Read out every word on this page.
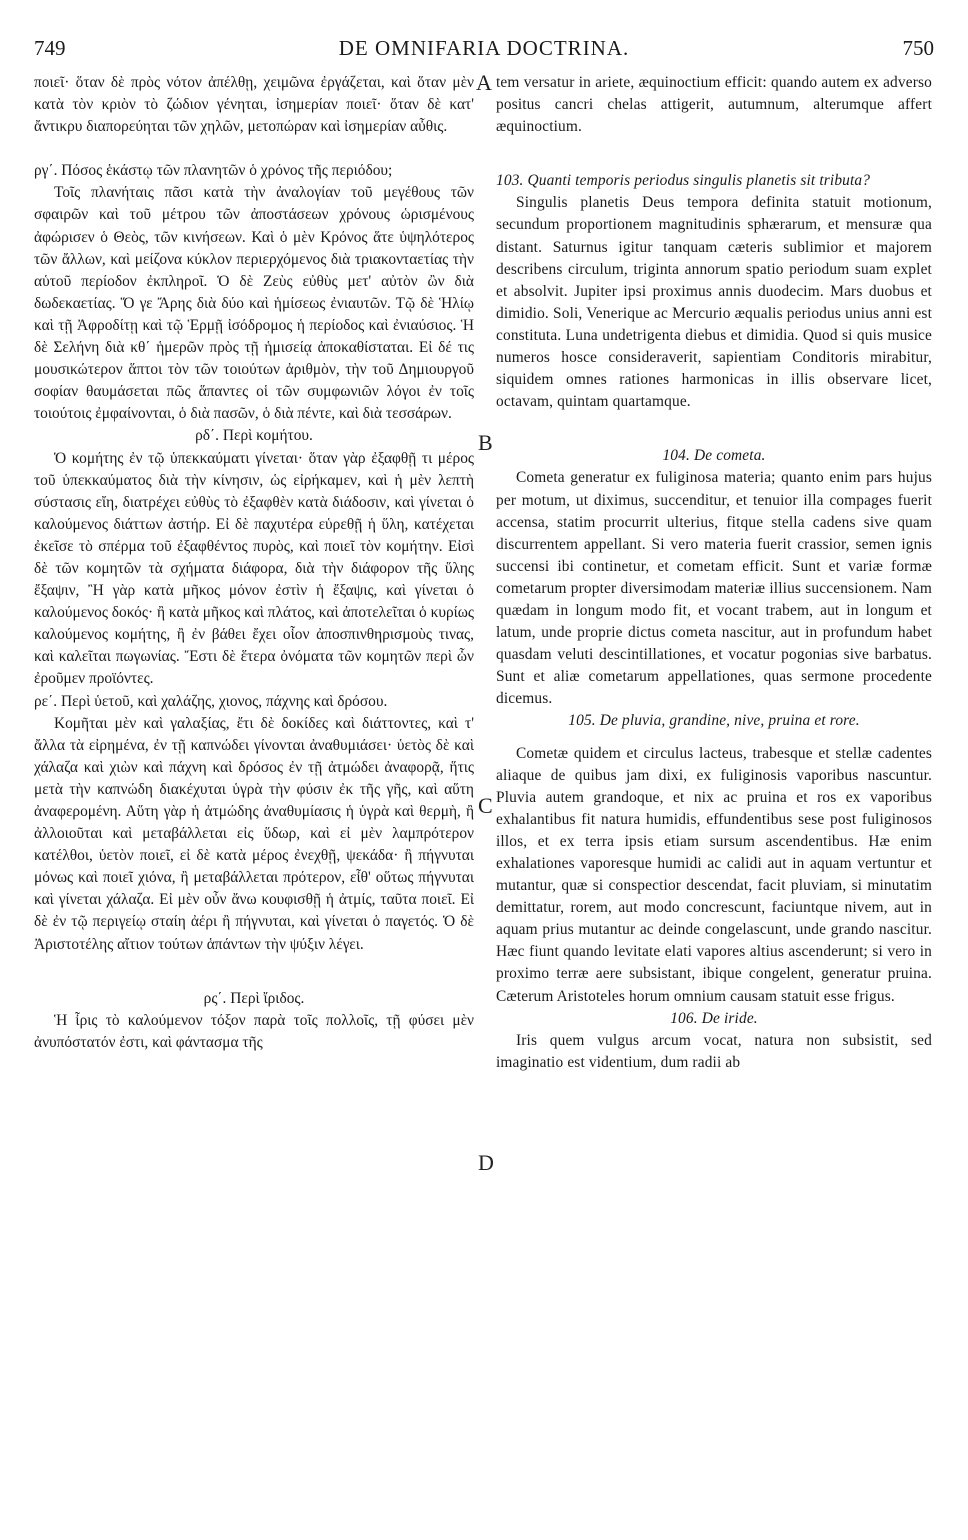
749	DE OMNIFARIA DOCTRINA.	750

ποιεῖ· ὅταν δὲ πρὸς νότον ἀπέλθῃ, χειμῶνα ἐργάζεται, καὶ ὅταν μὲν κατὰ τὸν κριὸν τὸ ζώδιον γένηται, ἰσημερίαν ποιεῖ· ὅταν δὲ κατ' ἄντικρυ διαπορεύηται τῶν χηλῶν, μετοπώραν καὶ ἰσημερίαν αὖθις.

ργ΄. Πόσος ἑκάστῳ τῶν πλανητῶν ὁ χρόνος τῆς περιόδου;

Τοῖς πλανήταις πᾶσι κατὰ τὴν ἀναλογίαν τοῦ μεγέθους τῶν σφαιρῶν καὶ τοῦ μέτρου τῶν ἀποστάσεων χρόνους ὡρισμένους ἀφώρισεν ὁ Θεὸς, τῶν κινήσεων. Καὶ ὁ μὲν Κρόνος ἅτε ὑψηλότερος τῶν ἄλλων, καὶ μείζονα κύκλον περιερχόμενος διὰ τριακονταετίας τὴν αὑτοῦ περίοδον ἐκπληροῖ. Ὁ δὲ Ζεὺς εὐθὺς μετ' αὐτὸν ὢν διὰ δωδεκαετίας. Ὅ γε Ἄρης διὰ δύο καὶ ἡμίσεως ἐνιαυτῶν. Τῷ δὲ Ἡλίῳ καὶ τῇ Ἀφροδίτῃ καὶ τῷ Ἑρμῇ ἰσόδρομος ἡ περίοδος καὶ ἐνιαύσιος. Ἡ δὲ Σελήνη διὰ κθ΄ ἡμερῶν πρὸς τῇ ἡμισείᾳ ἀποκαθίσταται. Εἰ δέ τις μουσικώτερον ἅπτοι τὸν τῶν τοιούτων ἀριθμὸν, τὴν τοῦ Δημιουργοῦ σοφίαν θαυμάσεται πῶς ἅπαντες οἱ τῶν συμφωνιῶν λόγοι ἐν τοῖς τοιούτοις ἐμφαίνονται, ὁ διὰ πασῶν, ὁ διὰ πέντε, καὶ διὰ τεσσάρων.

ρδ΄. Περὶ κομήτου.

Ὁ κομήτης ἐν τῷ ὑπεκκαύματι γίνεται· ὅταν γὰρ ἐξαφθῇ τι μέρος τοῦ ὑπεκκαύματος διὰ τὴν κίνησιν, ὡς εἰρήκαμεν, καὶ ἡ μὲν λεπτὴ σύστασις εἴη, διατρέχει εὐθὺς τὸ ἐξαφθὲν κατὰ διάδοσιν, καὶ γίνεται ὁ καλούμενος διάττων ἀστήρ. Εἰ δὲ παχυτέρα εὑρεθῇ ἡ ὕλη, κατέχεται ἐκεῖσε τὸ σπέρμα τοῦ ἐξαφθέντος πυρὸς, καὶ ποιεῖ τὸν κομήτην. Εἰσὶ δὲ τῶν κομητῶν τὰ σχήματα διάφορα, διὰ τὴν διάφορον τῆς ὕλης ἔξαψιν, Ἢ γὰρ κατὰ μῆκος μόνον ἐστὶν ἡ ἔξαψις, καὶ γίνεται ὁ καλούμενος δοκός· ἢ κατὰ μῆκος καὶ πλάτος, καὶ ἀποτελεῖται ὁ κυρίως καλούμενος κομήτης, ἢ ἐν βάθει ἔχει οἷον ἀποσπινθηρισμοὺς τινας, καὶ καλεῖται πωγωνίας. Ἔστι δὲ ἕτερα ὀνόματα τῶν κομητῶν περὶ ὧν ἐροῦμεν προϊόντες.

ρε΄. Περὶ ὑετοῦ, καὶ χαλάζης, χιονος, πάχνης καὶ δρόσου.

Κομῆται μὲν καὶ γαλαξίας, ἔτι δὲ δοκίδες καὶ διάττοντες, καὶ τ' ἄλλα τὰ εἰρημένα, ἐν τῇ καπνώδει γίνονται ἀναθυμιάσει· ὑετὸς δὲ καὶ χάλαζα καὶ χιὼν καὶ πάχνη καὶ δρόσος ἐν τῇ ἀτμώδει ἀναφορᾷ, ἥτις μετὰ τὴν καπνώδη διακέχυται ὑγρὰ τὴν φύσιν ἐκ τῆς γῆς, καὶ αὕτη ἀναφερομένη. Αὕτη γὰρ ἡ ἀτμώδης ἀναθυμίασις ἡ ὑγρὰ καὶ θερμὴ, ἢ ἀλλοιοῦται καὶ μεταβάλλεται εἰς ὕδωρ, καὶ εἰ μὲν λαμπρότερον κατέλθοι, ὑετὸν ποιεῖ, εἰ δὲ κατὰ μέρος ἐνεχθῇ, ψεκάδα· ἢ πήγνυται μόνως καὶ ποιεῖ χιόνα, ἢ μεταβάλλεται πρότερον, εἶθ' οὕτως πήγνυται καὶ γίνεται χάλαζα. Εἰ μὲν οὖν ἄνω κουφισθῇ ἡ ἀτμίς, ταῦτα ποιεῖ. Εἰ δὲ ἐν τῷ περιγείῳ σταίη ἀέρι ἢ πήγνυται, καὶ γίνεται ὁ παγετός. Ὁ δὲ Ἀριστοτέλης αἴτιον τούτων ἁπάντων τὴν ψύξιν λέγει.

ρς΄. Περὶ ἴριδος.

Ἡ ἶρις τὸ καλούμενον τόξον παρὰ τοῖς πολλοῖς, τῇ φύσει μὲν ἀνυπόστατόν ἐστι, καὶ φάντασμα τῆς

tem versatur in ariete, æquinoctium efficit: quando autem ex adverso positus cancri chelas attigerit, autumnum, alterumque affert æquinoctium.

103. Quanti temporis periodus singulis planetis sit tributa?

Singulis planetis Deus tempora definita statuit motionum, secundum proportionem magnitudinis sphærarum, et mensuræ qua distant. Saturnus igitur tanquam cæteris sublimior et majorem describens circulum, triginta annorum spatio periodum suam explet et absolvit. Jupiter ipsi proximus annis duodecim. Mars duobus et dimidio. Soli, Venerique ac Mercurio æqualis periodus unius anni est constituta. Luna undetrigenta diebus et dimidia. Quod si quis musice numeros hosce consideraverit, sapientiam Conditoris mirabitur, siquidem omnes rationes harmonicas in illis observare licet, octavam, quintam quartamque.

104. De cometa.

Cometa generatur ex fuliginosa materia; quanto enim pars hujus per motum, ut diximus, succenditur, et tenuior illa compages fuerit accensa, statim procurrit ulterius, fitque stella cadens sive quam discurrentem appellant. Si vero materia fuerit crassior, semen ignis succensi ibi continetur, et cometam efficit. Sunt et variæ formæ cometarum propter diversimodam materiæ illius succensionem. Nam quædam in longum modo fit, et vocant trabem, aut in longum et latum, unde proprie dictus cometa nascitur, aut in profundum habet quasdam veluti descintillationes, et vocatur pogonias sive barbatus. Sunt et aliæ cometarum appellationes, quas sermone procedente dicemus.

105. De pluvia, grandine, nive, pruina et rore.

Cometæ quidem et circulus lacteus, trabesque et stellæ cadentes aliaque de quibus jam dixi, ex fuliginosis vaporibus nascuntur. Pluvia autem grandoque, et nix ac pruina et ros ex vaporibus exhalantibus fit natura humidis, effundentibus sese post fuliginosos illos, et ex terra ipsis etiam sursum ascendentibus. Hæ enim exhalationes vaporesque humidi ac calidi aut in aquam vertuntur et mutantur, quæ si conspectior descendat, facit pluviam, si minutatim demittatur, rorem, aut modo concrescunt, faciuntque nivem, aut in aquam prius mutantur ac deinde congelascunt, unde grando nascitur. Hæc fiunt quando levitate elati vapores altius ascenderunt; si vero in proximo terræ aere subsistant, ibique congelent, generatur pruina. Cæterum Aristoteles horum omnium causam statuit esse frigus.

106. De iride.

Iris quem vulgus arcum vocat, natura non subsistit, sed imaginatio est videntium, dum radii ab

A
B
C
D
